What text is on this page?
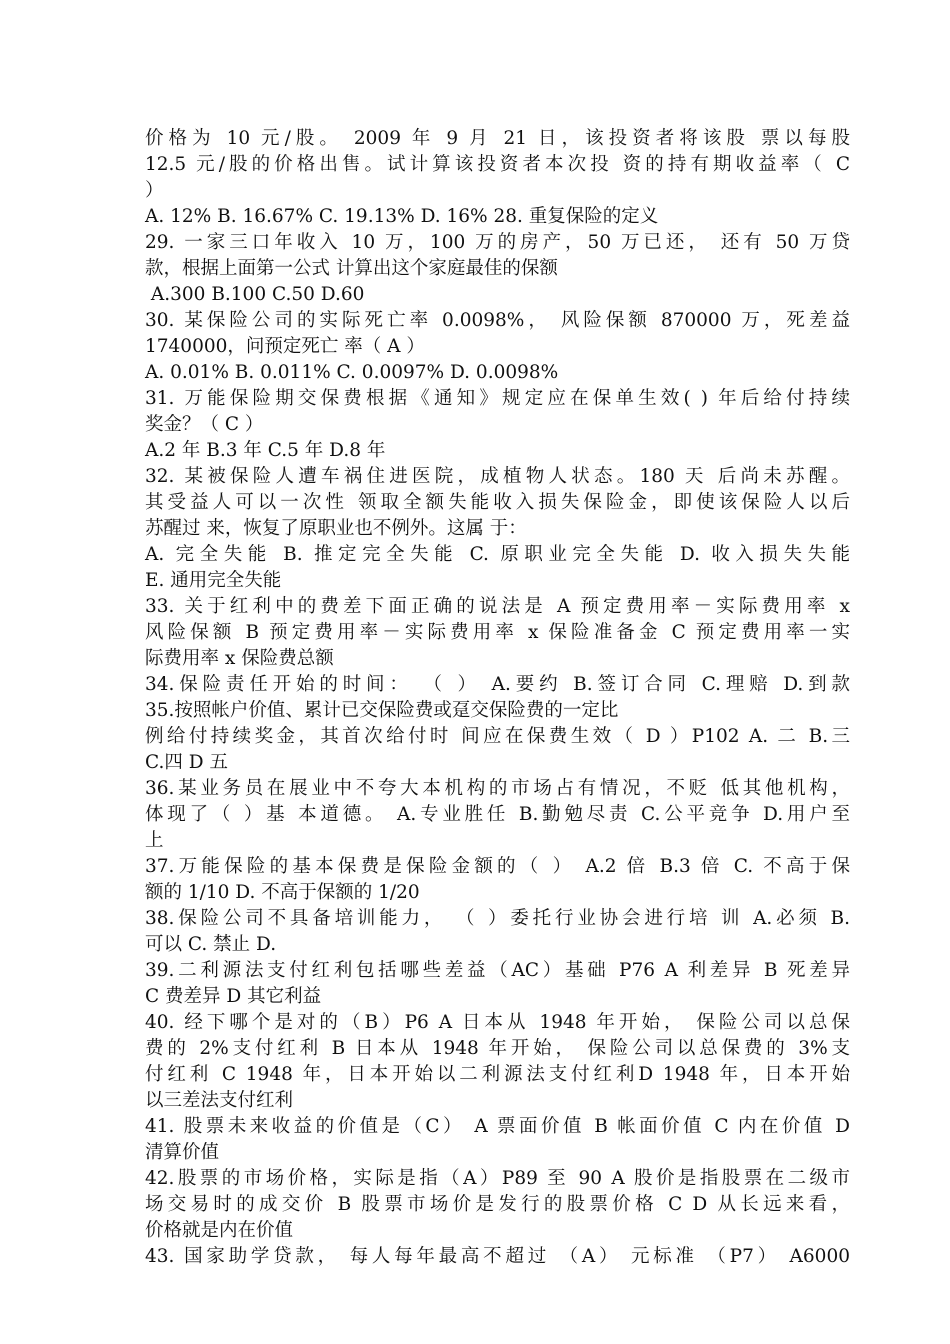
价格为 10 元/股。 2009 年 9 月 21 日，该投资者将该股 票以每股
12.5 元/股的价格出售。试计算该投资者本次投 资的持有期收益率（ C
）
A. 12% B. 16.67% C. 19.13% D. 16% 28. 重复保险的定义
29. 一家三口年收入 10 万，100 万的房产，50 万已还， 还有 50 万贷
款，根据上面第一公式 计算出这个家庭最佳的保额
A.300 B.100 C.50 D.60
30. 某保险公司的实际死亡率 0.0098%， 风险保额 870000 万，死差益
1740000，问预定死亡 率（ A ）
A. 0.01% B. 0.011% C. 0.0097% D. 0.0098%
31. 万能保险期交保费根据《通知》规定应在保单生效( ) 年后给付持续
奖金？（ C ）
A.2 年 B.3 年 C.5 年 D.8 年
32. 某被保险人遭车祸住进医院，成植物人状态。180 天 后尚未苏醒。
其受益人可以一次性 领取全额失能收入损失保险金，即使该保险人以后
苏醒过 来，恢复了原职业也不例外。这属 于：
A. 完全失能 B. 推定完全失能 C. 原职业完全失能 D. 收入损失失能
E. 通用完全失能
33. 关于红利中的费差下面正确的说法是 A 预定费用率－实际费用率 x
风险保额 B 预定费用率－实际费用率 x 保险准备金 C 预定费用率一实
际费用率 x 保险费总额
34.保险责任开始的时间： （ ） A.要约 B.签订合同 C.理赔 D.到款
35.按照帐户价值、累计已交保险费或趸交保险费的一定比
例给付持续奖金，其首次给付时 间应在保费生效（ D ）P102 A. 二 B.三
C.四 D 五
36.某业务员在展业中不夸大本机构的市场占有情况，不贬 低其他机构，
体现了（ ）基 本道德。 A.专业胜任 B.勤勉尽责 C.公平竞争 D.用户至
上
37.万能保险的基本保费是保险金额的（ ） A.2 倍 B.3 倍 C. 不高于保
额的 1/10 D. 不高于保额的 1/20
38.保险公司不具备培训能力， （ ）委托行业协会进行培 训 A.必须 B.
可以 C. 禁止 D.
39.二利源法支付红利包括哪些差益（AC）基础 P76 A 利差异 B 死差异
C 费差异 D 其它利益
40. 经下哪个是对的（B）P6 A 日本从 1948 年开始， 保险公司以总保
费的 2%支付红利 B 日本从 1948 年开始， 保险公司以总保费的 3%支
付红利 C 1948 年，日本开始以二利源法支付红利D 1948 年，日本开始
以三差法支付红利
41. 股票未来收益的价值是（C） A 票面价值 B 帐面价值 C 内在价值 D
清算价值
42.股票的市场价格，实际是指（A）P89 至 90 A 股价是指股票在二级市
场交易时的成交价 B 股票市场价是发行的股票价格 C D 从长远来看，
价格就是内在价值
43. 国家助学贷款， 每人每年最高不超过 （A） 元标准 （P7） A6000
